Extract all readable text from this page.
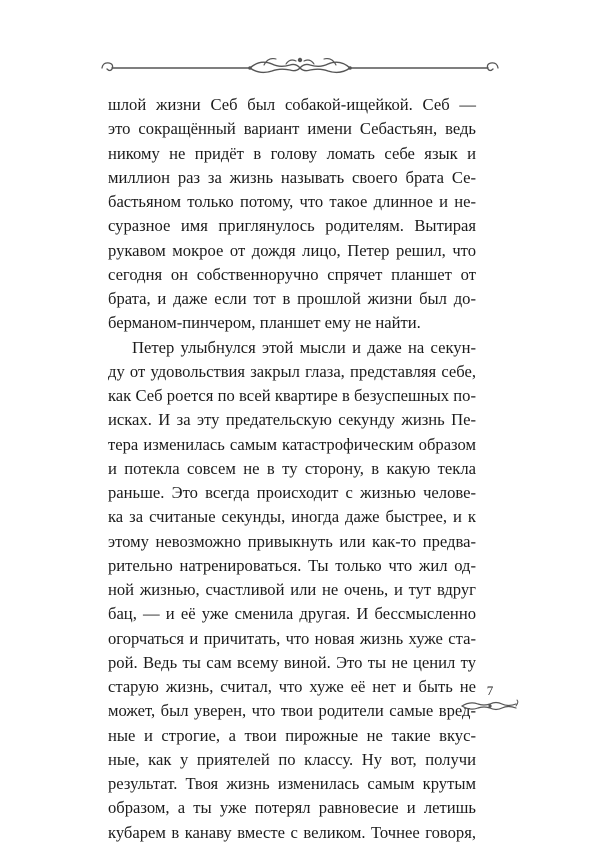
шлой жизни Себ был собакой-ищейкой. Себ —
это сокращённый вариант имени Себастьян, ведь
никому не придёт в голову ломать себе язык и
миллион раз за жизнь называть своего брата Се-
бастьяном только потому, что такое длинное и не-
суразное имя приглянулось родителям. Вытирая
рукавом мокрое от дождя лицо, Петер решил, что
сегодня он собственноручно спрячет планшет от
брата, и даже если тот в прошлой жизни был до-
берманом-пинчером, планшет ему не найти.
Петер улыбнулся этой мысли и даже на секун-
ду от удовольствия закрыл глаза, представляя себе,
как Себ роется по всей квартире в безуспешных по-
исках. И за эту предательскую секунду жизнь Пе-
тера изменилась самым катастрофическим образом
и потекла совсем не в ту сторону, в какую текла
раньше. Это всегда происходит с жизнью челове-
ка за считаные секунды, иногда даже быстрее, и к
этому невозможно привыкнуть или как-то предва-
рительно натренироваться. Ты только что жил од-
ной жизнью, счастливой или не очень, и тут вдруг
бац, — и её уже сменила другая. И бессмысленно
огорчаться и причитать, что новая жизнь хуже ста-
рой. Ведь ты сам всему виной. Это ты не ценил ту
старую жизнь, считал, что хуже её нет и быть не
может, был уверен, что твои родители самые вред-
ные и строгие, а твои пирожные не такие вкус-
ные, как у приятелей по классу. Ну вот, получи
результат. Твоя жизнь изменилась самым крутым
образом, а ты уже потерял равновесие и летишь
кубарем в канаву вместе с великом. Точнее говоря,
7
